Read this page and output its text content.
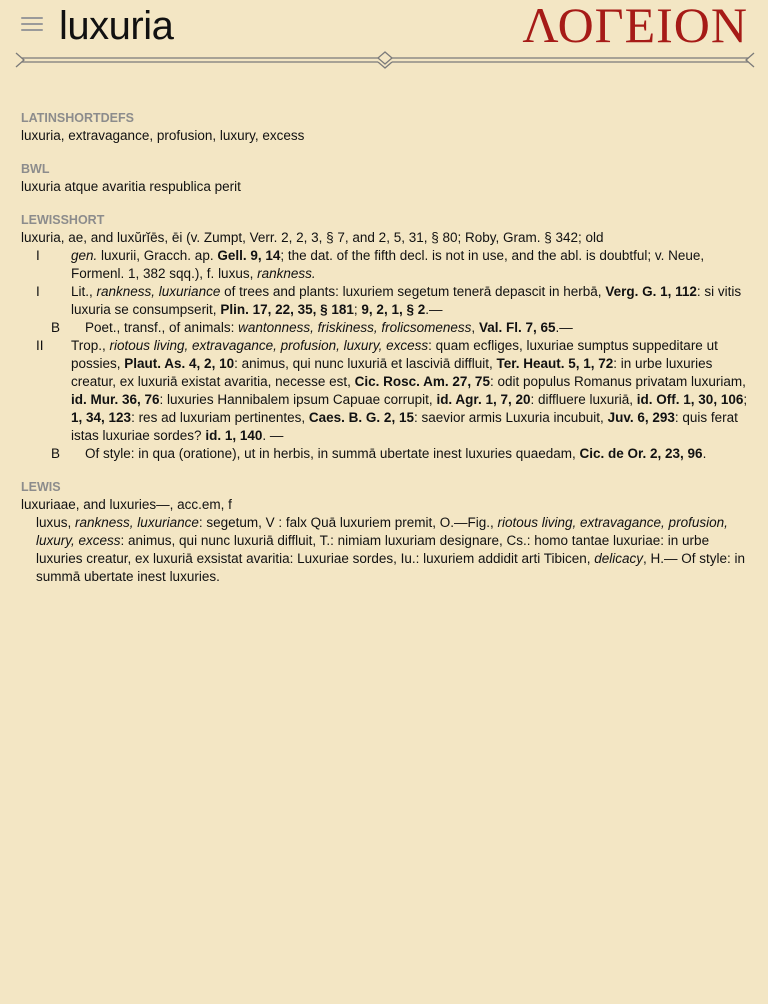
luxuria	ΛΟΓΕΙΟΝ
LATINSHORTDEFS
luxuria, extravagance, profusion, luxury, excess
BWL
luxuria atque avaritia respublica perit
LEWISSHORT
luxuria, ae, and luxŭrĭēs, ēi (v. Zumpt, Verr. 2, 2, 3, § 7, and 2, 5, 31, § 80; Roby, Gram. § 342; old
I gen. luxurii, Gracch. ap. Gell. 9, 14; the dat. of the fifth decl. is not in use, and the abl. is doubtful; v. Neue, Formenl. 1, 382 sqq.), f. luxus, rankness.
I Lit., rankness, luxuriance of trees and plants: luxuriem segetum tenerā depascit in herbā, Verg. G. 1, 112: si vitis luxuria se consumpserit, Plin. 17, 22, 35, § 181; 9, 2, 1, § 2.—
B Poet., transf., of animals: wantonness, friskiness, frolicsomeness, Val. Fl. 7, 65.—
II Trop., riotous living, extravagance, profusion, luxury, excess: quam ecfliges, luxuriae sumptus suppeditare ut possies, Plaut. As. 4, 2, 10: animus, qui nunc luxuriā et lasciviā diffluit, Ter. Heaut. 5, 1, 72: in urbe luxuries creatur, ex luxuriā existat avaritia, necesse est, Cic. Rosc. Am. 27, 75: odit populus Romanus privatam luxuriam, id. Mur. 36, 76: luxuries Hannibalem ipsum Capuae corrupit, id. Agr. 1, 7, 20: diffluere luxuriā, id. Off. 1, 30, 106; 1, 34, 123: res ad luxuriam pertinentes, Caes. B. G. 2, 15: saevior armis Luxuria incubuit, Juv. 6, 293: quis ferat istas luxuriae sordes? id. 1, 140. —
B Of style: in qua (oratione), ut in herbis, in summā ubertate inest luxuries quaedam, Cic. de Or. 2, 23, 96.
LEWIS
luxuriaae, and luxuries—, acc.em, f
luxus, rankness, luxuriance: segetum, V : falx Quā luxuriem premit, O.—Fig., riotous living, extravagance, profusion, luxury, excess: animus, qui nunc luxuriā diffluit, T.: nimiam luxuriam designare, Cs.: homo tantae luxuriae: in urbe luxuries creatur, ex luxuriā exsistat avaritia: Luxuriae sordes, Iu.: luxuriem addidit arti Tibicen, delicacy, H.— Of style: in summā ubertate inest luxuries.
